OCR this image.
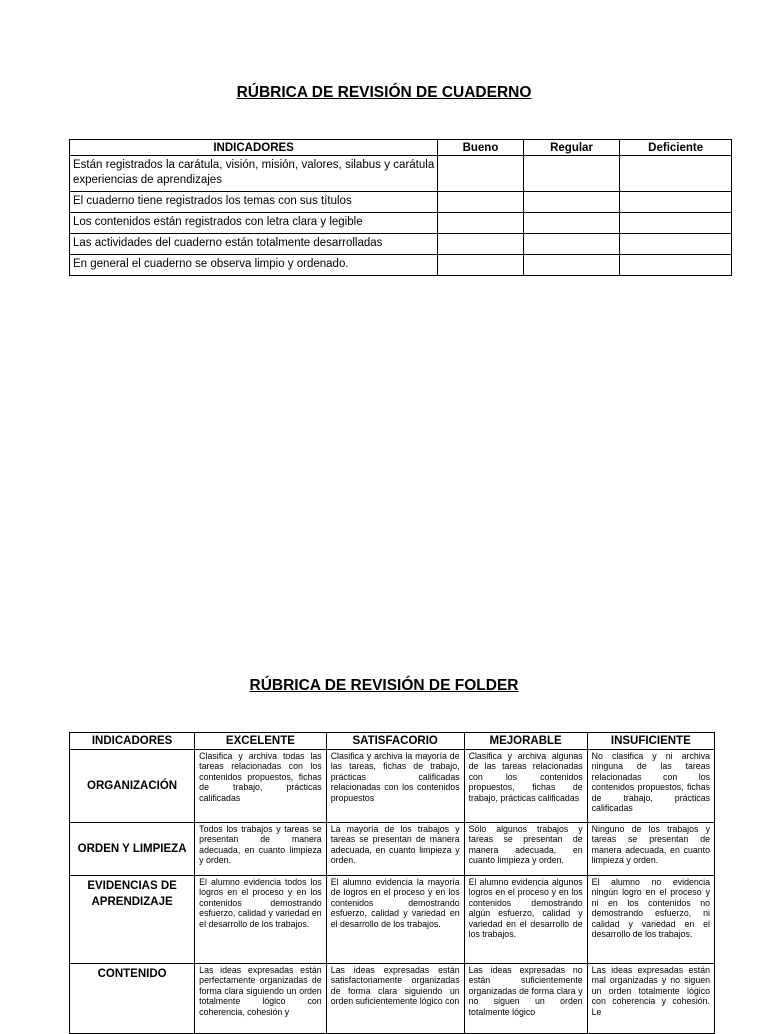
RÚBRICA DE REVISIÓN DE CUADERNO
INDICADORES	Bueno	Regular	Deficiente
Están registrados la carátula, visión, misión, valores, silabus y carátula experiencias de aprendizajes			
El cuaderno tiene registrados los temas con sus títulos			
Los contenidos están registrados con letra clara y legible			
Las actividades del cuaderno están totalmente desarrolladas			
En general el cuaderno se observa limpio y ordenado.			
RÚBRICA DE REVISIÓN DE FOLDER
INDICADORES	EXCELENTE	SATISFACORIO	MEJORABLE	INSUFICIENTE
ORGANIZACIÓN	Clasifica y archiva todas las tareas relacionadas con los contenidos propuestos, fichas de trabajo, prácticas calificadas	Clasifica y archiva la mayoría de las tareas, fichas de trabajo, prácticas calificadas relacionadas con los contenidos propuestos	Clasifica y archiva algunas de las tareas relacionadas con los contenidos propuestos, fichas de trabajo, prácticas calificadas	No clasifica y ni archiva ninguna de las tareas relacionadas con los contenidos propuestos, fichas de trabajo, prácticas calificadas
ORDEN Y LIMPIEZA	Todos los trabajos y tareas se presentan de manera adecuada, en cuanto limpieza y orden.	La mayoría de los trabajos y tareas se presentan de manera adecuada, en cuanto limpieza y orden.	Sólo algunos trabajos y tareas se presentan de manera adecuada, en cuanto limpieza y orden.	Ninguno de los trabajos y tareas se presentan de manera adecuada, en cuanto limpieza y orden.
EVIDENCIAS DE APRENDIZAJE	El alumno evidencia todos los logros en el proceso y en los contenidos demostrando esfuerzo, calidad y variedad en el desarrollo de los trabajos.	El alumno evidencia la mayoría de logros en el proceso y en los contenidos demostrando esfuerzo, calidad y variedad en el desarrollo de los trabajos.	El alumno evidencia algunos logros en el proceso y en los contenidos demostrando algún esfuerzo, calidad y variedad en el desarrollo de los trabajos.	El alumno no evidencia ningún logro en el proceso y ni en los contenidos no demostrando esfuerzo, ni calidad y variedad en el desarrollo de los trabajos.
CONTENIDO	Las ideas expresadas están perfectamente organizadas de forma clara siguiendo un orden totalmente lógico con coherencia, cohesión y	Las ideas expresadas están satisfactoriamente organizadas de forma clara siguiendo un orden suficientemente lógico con	Las ideas expresadas no están suficientemente organizadas de forma clara y no siguen un orden totalmente lógico	Las ideas expresadas están mal organizadas y no siguen un orden totalmente lógico con coherencia y cohesión. Le
